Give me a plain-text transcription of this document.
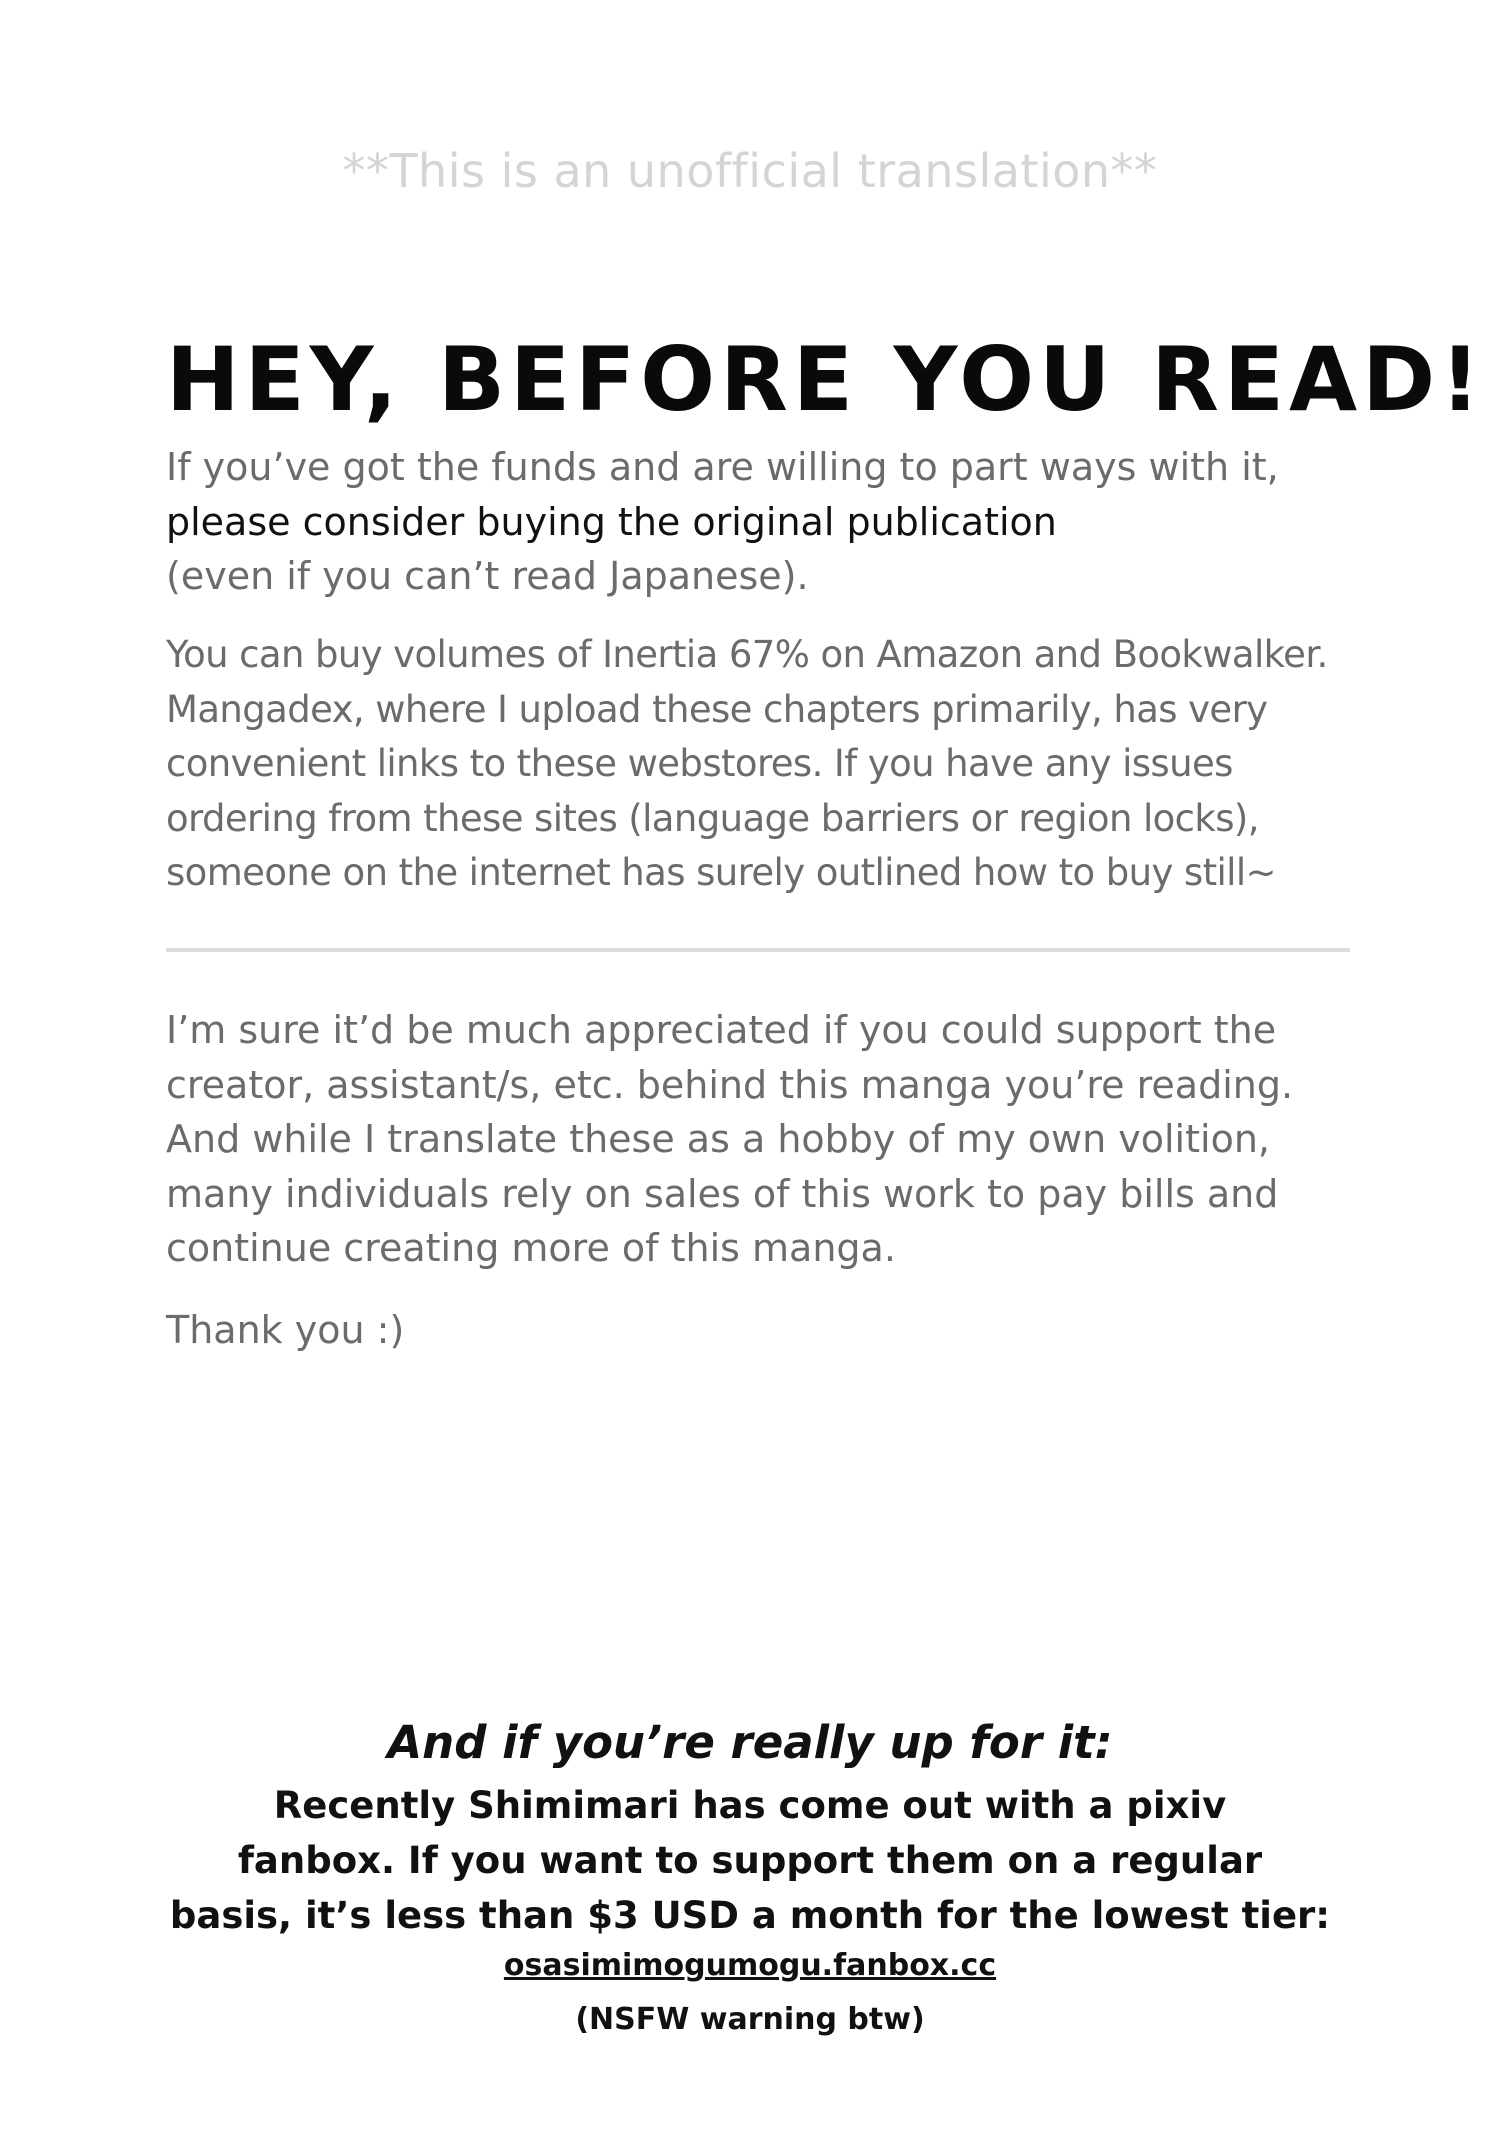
**This is an unofficial translation**
HEY, BEFORE YOU READ!
If you’ve got the funds and are willing to part ways with it,
please consider buying the original publication
(even if you can’t read Japanese).
You can buy volumes of Inertia 67% on Amazon and Bookwalker.
Mangadex, where I upload these chapters primarily, has very
convenient links to these webstores. If you have any issues
ordering from these sites (language barriers or region locks),
someone on the internet has surely outlined how to buy still~
I’m sure it’d be much appreciated if you could support the
creator, assistant/s, etc. behind this manga you’re reading.
And while I translate these as a hobby of my own volition,
many individuals rely on sales of this work to pay bills and
continue creating more of this manga.
Thank you :)
And if you’re really up for it:
Recently Shimimari has come out with a pixiv
fanbox. If you want to support them on a regular
basis, it’s less than $3 USD a month for the lowest tier:
osasimimogumogu.fanbox.cc
(NSFW warning btw)
